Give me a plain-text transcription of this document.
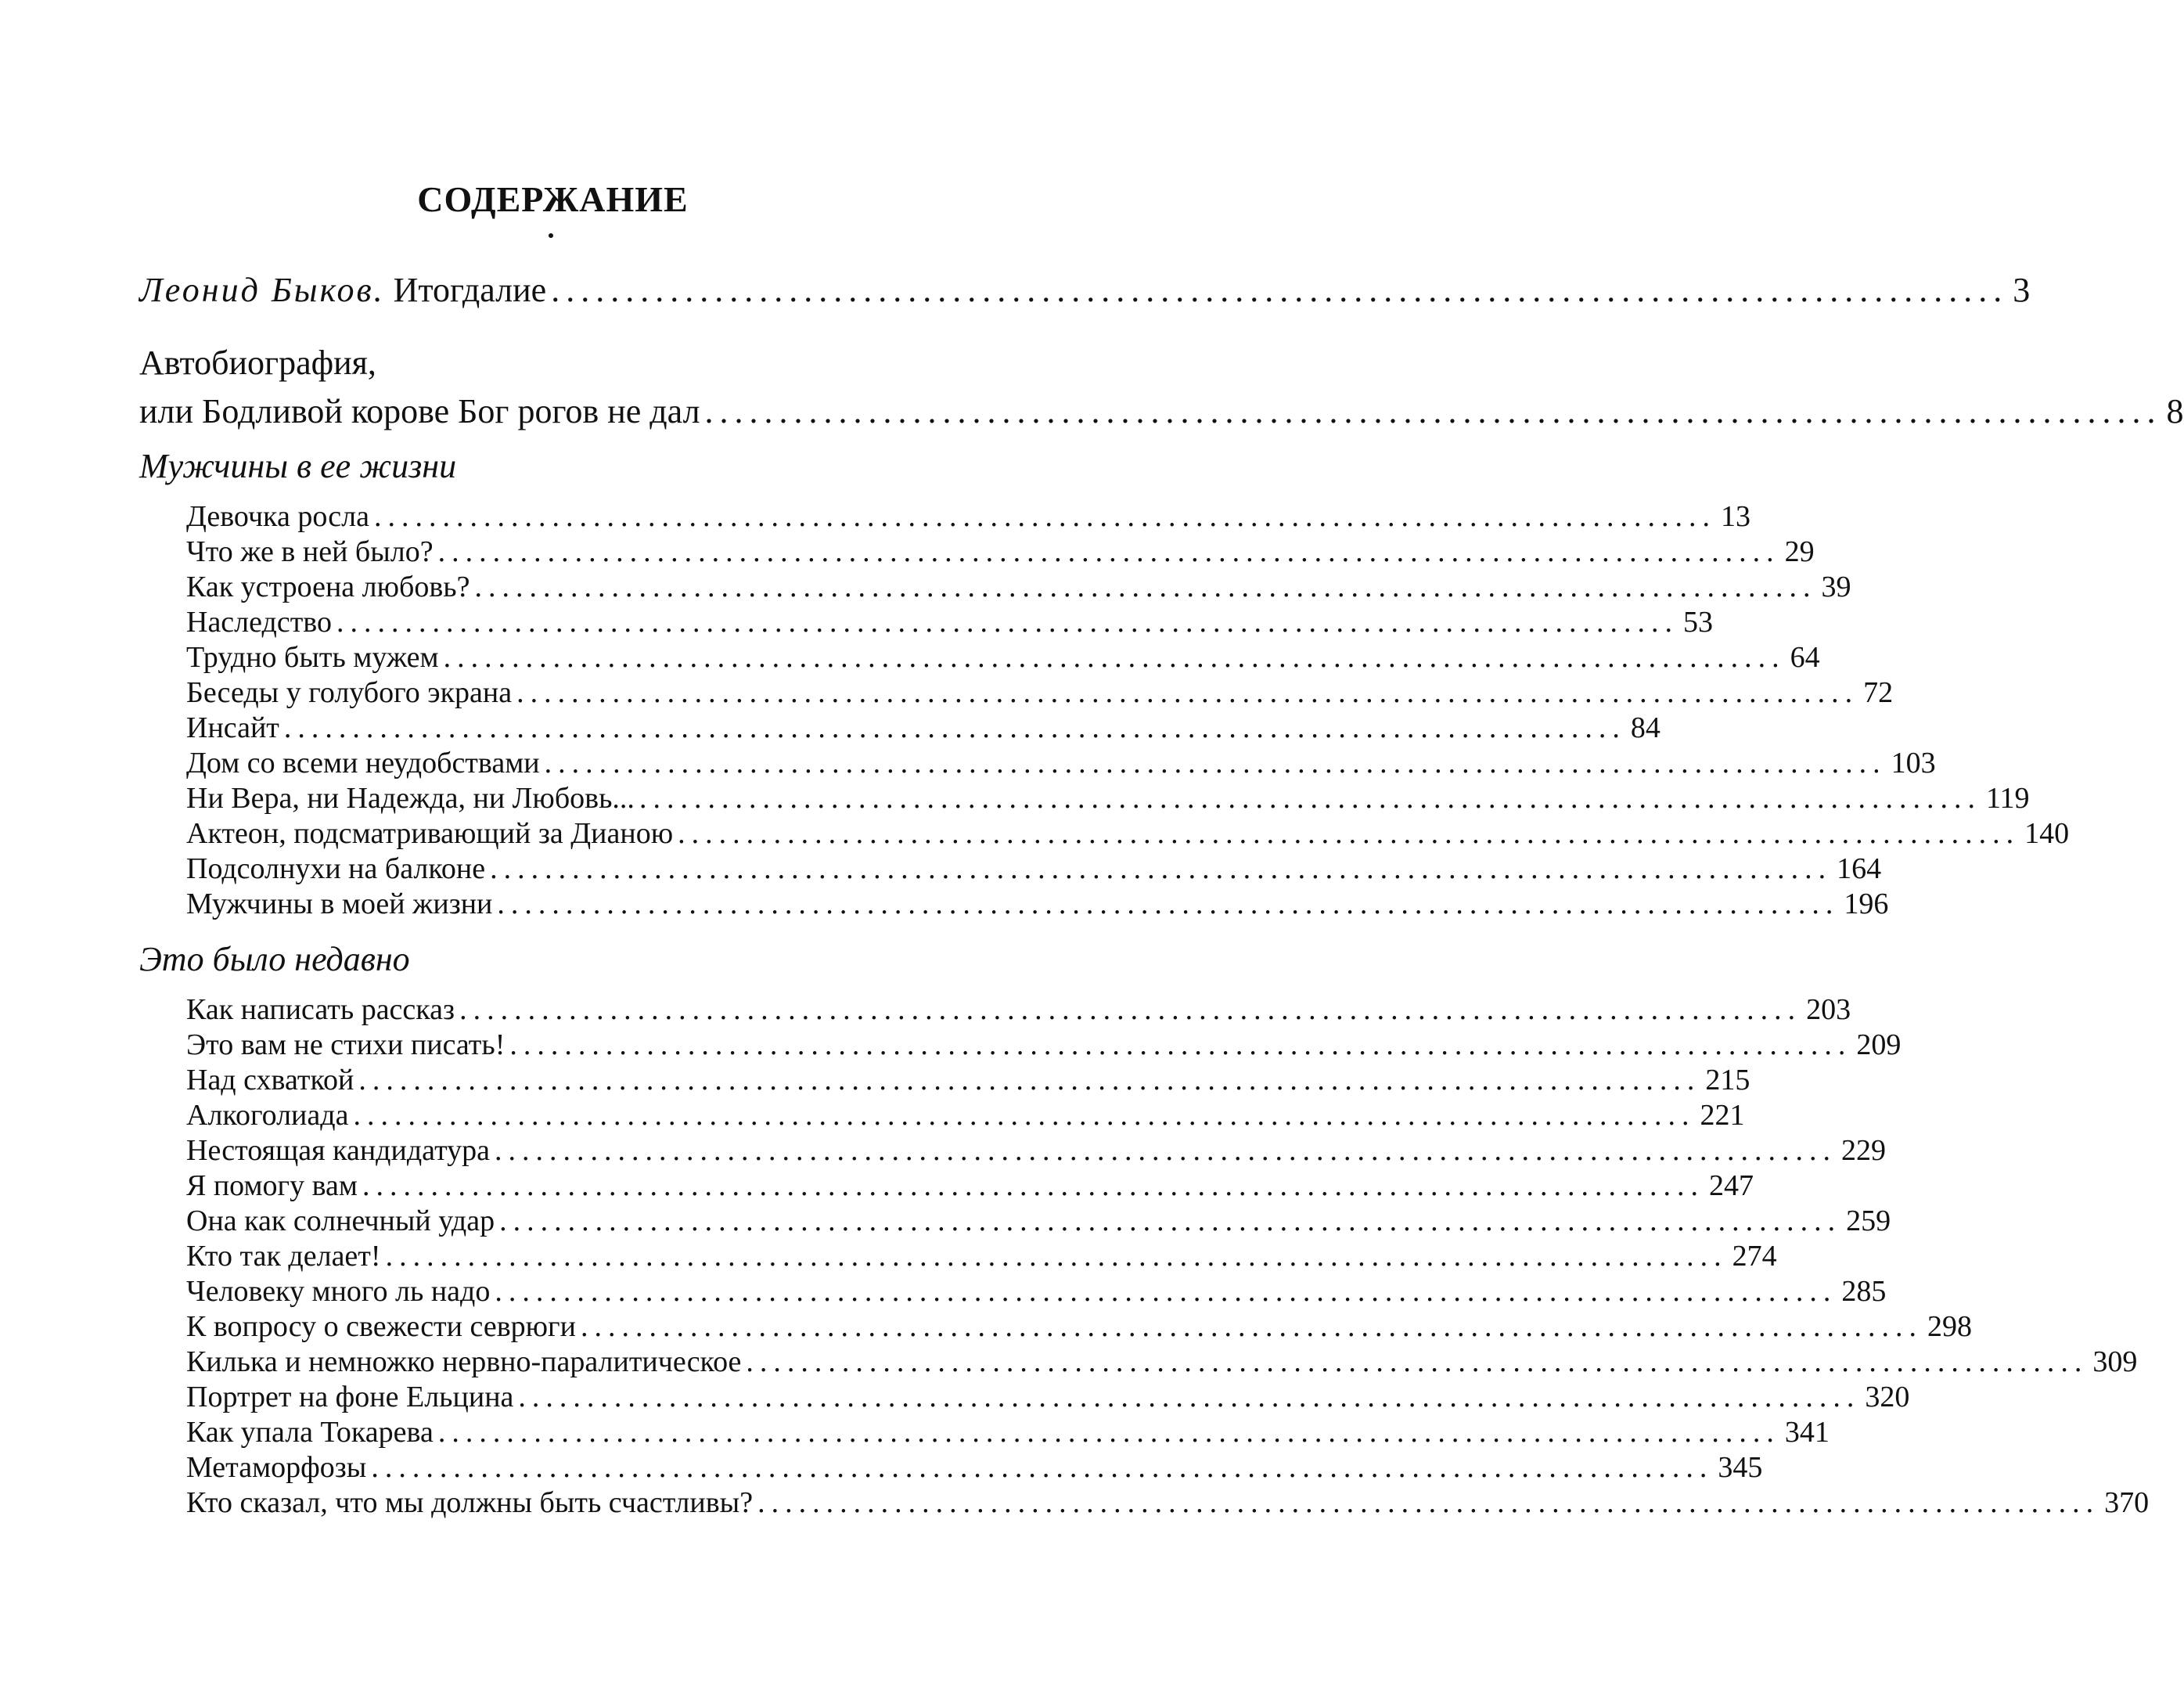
СОДЕРЖАНИЕ
Леонид Быков. Итогдалие .................................................................................................. 3
Автобиография,
или Бодливой корове Бог рогов не дал .................................................................................................. 8
Мужчины в ее жизни
Девочка росла .................................................................................................. 13
Что же в ней было? .................................................................................................. 29
Как устроена любовь? .................................................................................................. 39
Наследство .................................................................................................. 53
Трудно быть мужем .................................................................................................. 64
Беседы у голубого экрана .................................................................................................. 72
Инсайт .................................................................................................. 84
Дом со всеми неудобствами .................................................................................................. 103
Ни Вера, ни Надежда, ни Любовь... .................................................................................................. 119
Актеон, подсматривающий за Дианою .................................................................................................. 140
Подсолнухи на балконе .................................................................................................. 164
Мужчины в моей жизни .................................................................................................. 196
Это было недавно
Как написать рассказ .................................................................................................. 203
Это вам не стихи писать! .................................................................................................. 209
Над схваткой .................................................................................................. 215
Алкоголиада .................................................................................................. 221
Нестоящая кандидатура .................................................................................................. 229
Я помогу вам .................................................................................................. 247
Она как солнечный удар .................................................................................................. 259
Кто так делает! .................................................................................................. 274
Человеку много ль надо .................................................................................................. 285
К вопросу о свежести севрюги .................................................................................................. 298
Килька и немножко нервно-паралитическое .................................................................................................. 309
Портрет на фоне Ельцина .................................................................................................. 320
Как упала Токарева .................................................................................................. 341
Метаморфозы .................................................................................................. 345
Кто сказал, что мы должны быть счастливы? .................................................................................................. 370
